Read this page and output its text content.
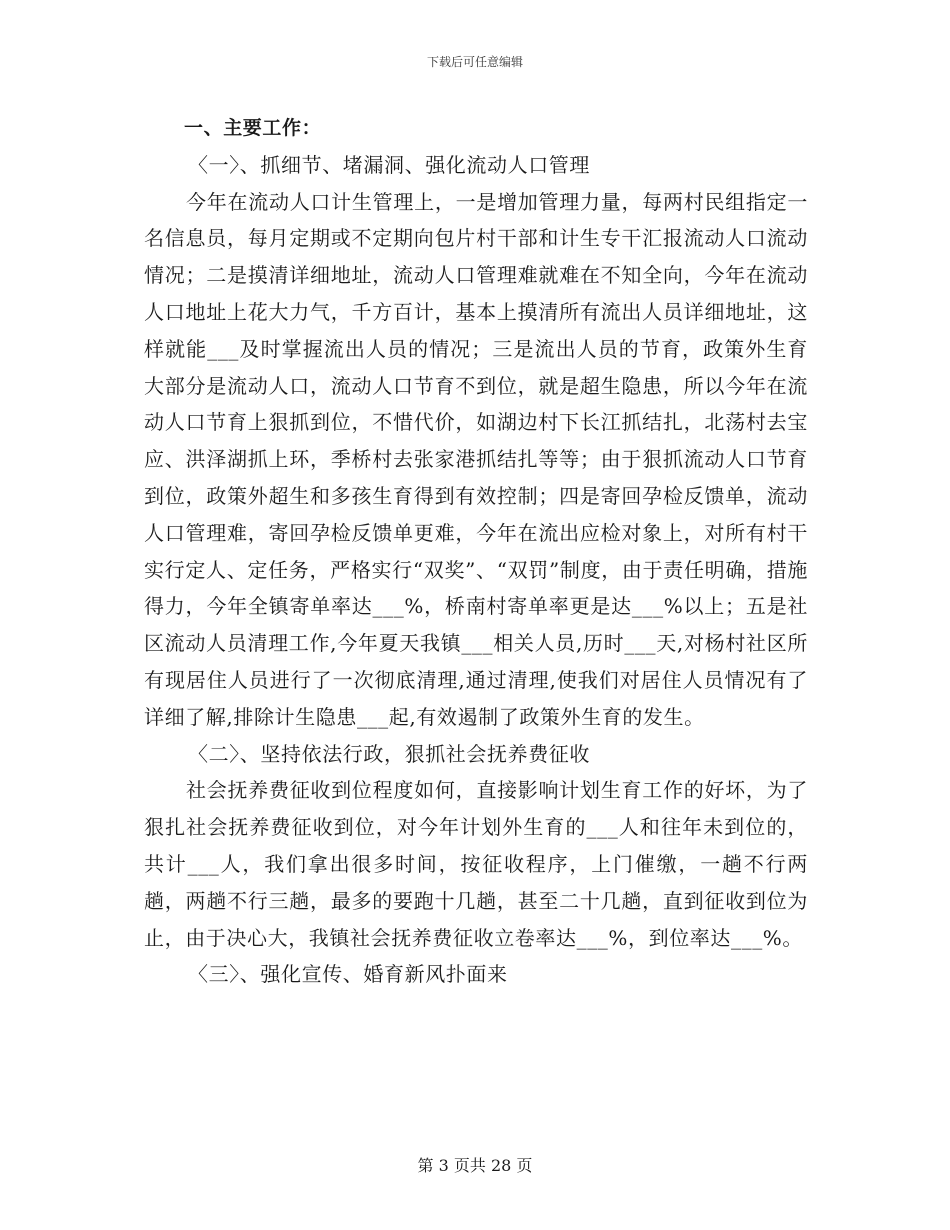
下载后可任意编辑

一、主要工作：

〈一〉、抓细节、堵漏洞、强化流动人口管理

今年在流动人口计生管理上，一是增加管理力量，每两村民组指定一名信息员，每月定期或不定期向包片村干部和计生专干汇报流动人口流动情况；二是摸清详细地址，流动人口管理难就难在不知全向，今年在流动人口地址上花大力气，千方百计，基本上摸清所有流出人员详细地址，这样就能___及时掌握流出人员的情况；三是流出人员的节育，政策外生育大部分是流动人口，流动人口节育不到位，就是超生隐患，所以今年在流动人口节育上狠抓到位，不惜代价，如湖边村下长江抓结扎，北荡村去宝应、洪泽湖抓上环，季桥村去张家港抓结扎等等；由于狠抓流动人口节育到位，政策外超生和多孩生育得到有效控制；四是寄回孕检反馈单，流动人口管理难，寄回孕检反馈单更难，今年在流出应检对象上，对所有村干实行定人、定任务，严格实行“双奖”、“双罚”制度，由于责任明确，措施得力，今年全镇寄单率达___%，桥南村寄单率更是达___%以上；五是社区流动人员清理工作,今年夏天我镇___相关人员,历时___天,对杨村社区所有现居住人员进行了一次彻底清理,通过清理,使我们对居住人员情况有了详细了解,排除计生隐患___起,有效遏制了政策外生育的发生。

〈二〉、坚持依法行政，狠抓社会抚养费征收

社会抚养费征收到位程度如何，直接影响计划生育工作的好坏，为了狠扎社会抚养费征收到位，对今年计划外生育的___人和往年未到位的，共计___人，我们拿出很多时间，按征收程序，上门催缴，一趟不行两趟，两趟不行三趟，最多的要跑十几趟，甚至二十几趟，直到征收到位为止，由于决心大，我镇社会抚养费征收立卷率达___%，到位率达___%。

〈三〉、强化宣传、婚育新风扑面来

第 3 页共 28 页
